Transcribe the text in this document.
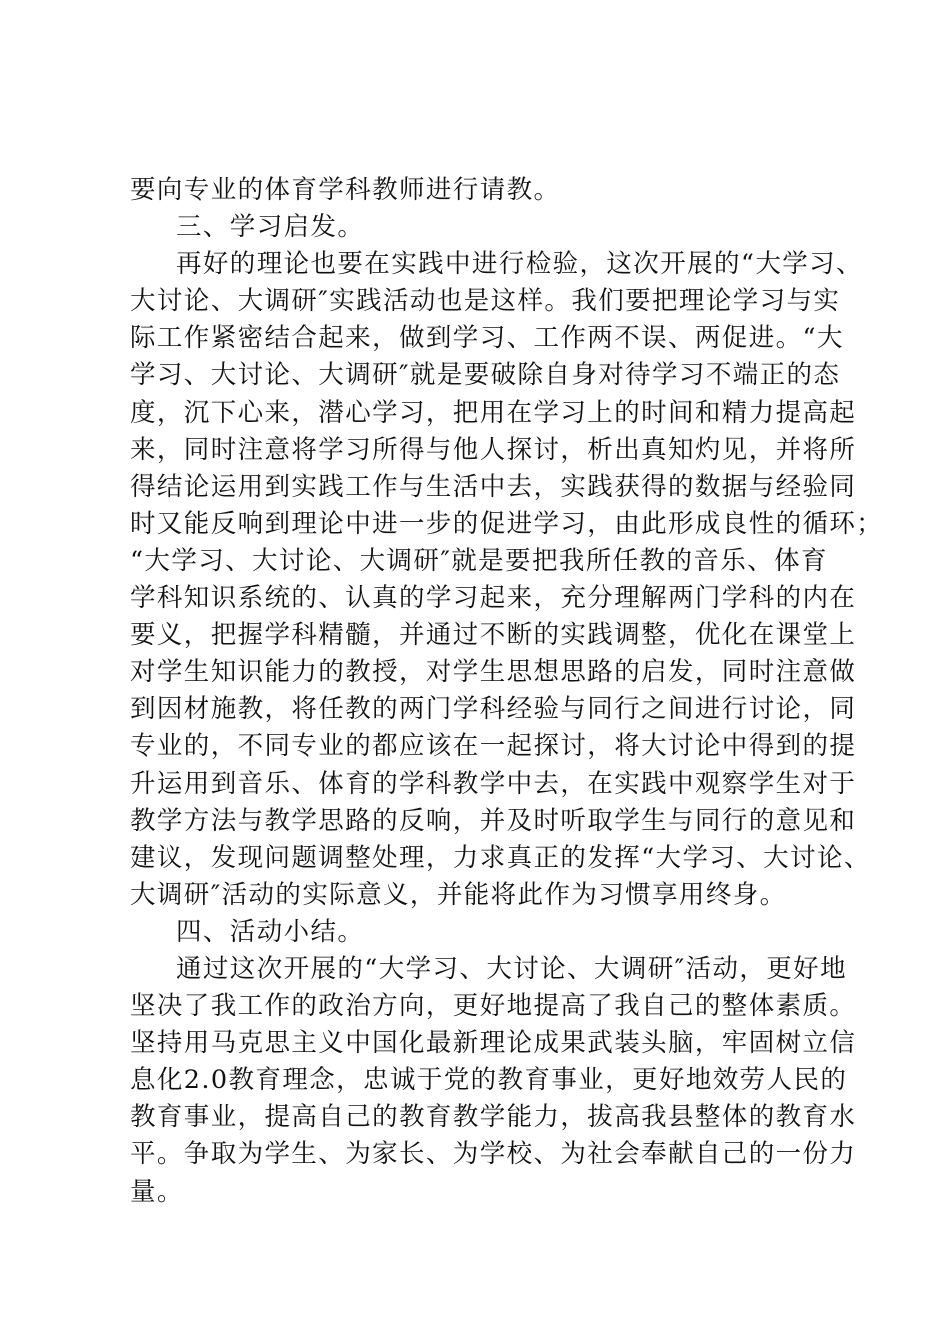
要向专业的体育学科教师进行请教。
三、学习启发。
再好的理论也要在实践中进行检验，这次开展的“大学习、
大讨论、大调研″实践活动也是这样。我们要把理论学习与实
际工作紧密结合起来，做到学习、工作两不误、两促进。“大
学习、大讨论、大调研″就是要破除自身对待学习不端正的态
度，沉下心来，潜心学习，把用在学习上的时间和精力提高起
来，同时注意将学习所得与他人探讨，析出真知灼见，并将所
得结论运用到实践工作与生活中去，实践获得的数据与经验同
时又能反响到理论中进一步的促进学习，由此形成良性的循环；
“大学习、大讨论、大调研″就是要把我所任教的音乐、体育
学科知识系统的、认真的学习起来，充分理解两门学科的内在
要义，把握学科精髓，并通过不断的实践调整，优化在课堂上
对学生知识能力的教授，对学生思想思路的启发，同时注意做
到因材施教，将任教的两门学科经验与同行之间进行讨论，同
专业的，不同专业的都应该在一起探讨，将大讨论中得到的提
升运用到音乐、体育的学科教学中去，在实践中观察学生对于
教学方法与教学思路的反响，并及时听取学生与同行的意见和
建议，发现问题调整处理，力求真正的发挥“大学习、大讨论、
大调研″活动的实际意义，并能将此作为习惯享用终身。
四、活动小结。
通过这次开展的“大学习、大讨论、大调研″活动，更好地
坚决了我工作的政治方向，更好地提高了我自己的整体素质。
坚持用马克思主义中国化最新理论成果武装头脑，牢固树立信
息化2.0教育理念，忠诚于党的教育事业，更好地效劳人民的
教育事业，提高自己的教育教学能力，拔高我县整体的教育水
平。争取为学生、为家长、为学校、为社会奉献自己的一份力
量。
